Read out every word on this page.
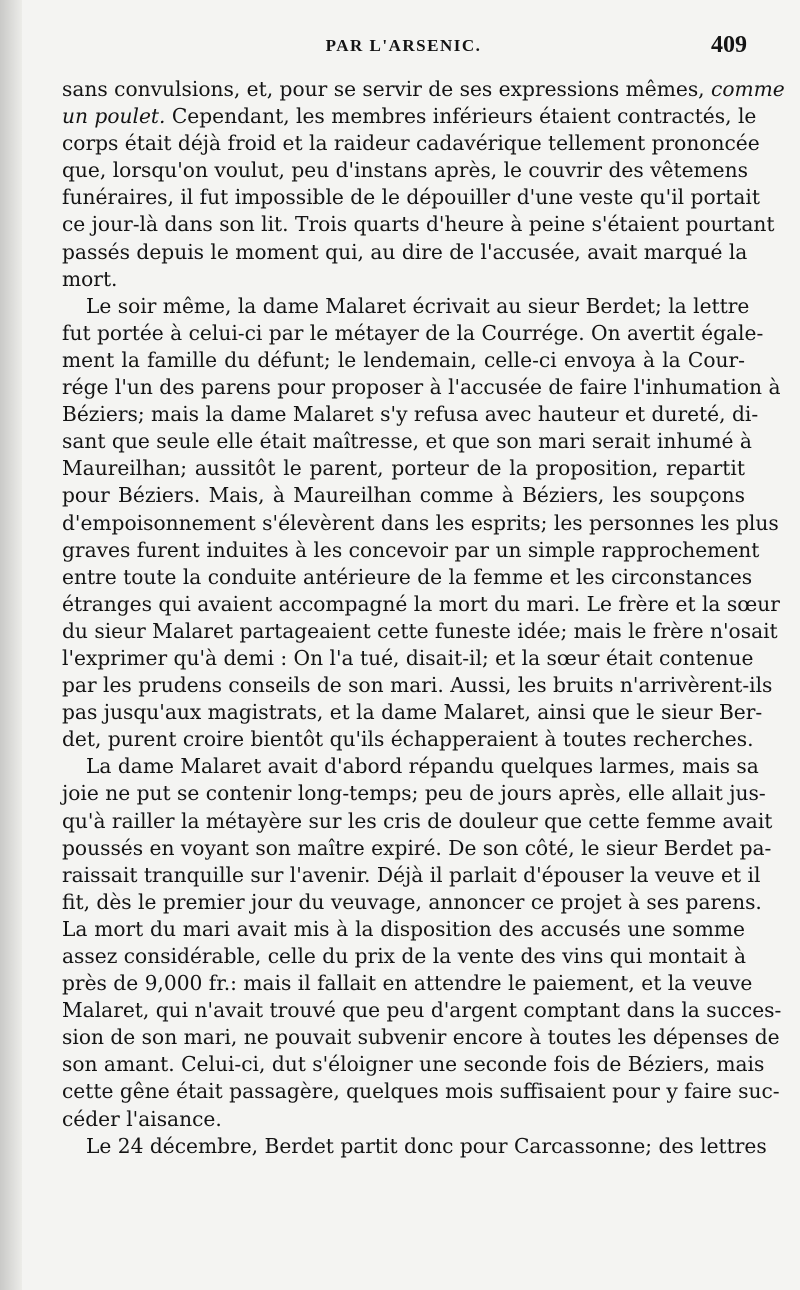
PAR L'ARSENIC.	409
sans convulsions, et, pour se servir de ses expressions mêmes, comme
un poulet. Cependant, les membres inférieurs étaient contractés, le
corps était déjà froid et la raideur cadavérique tellement prononcée
que, lorsqu'on voulut, peu d'instans après, le couvrir des vêtemens
funéraires, il fut impossible de le dépouiller d'une veste qu'il portait
ce jour-là dans son lit. Trois quarts d'heure à peine s'étaient pourtant
passés depuis le moment qui, au dire de l'accusée, avait marqué la
mort.
Le soir même, la dame Malaret écrivait au sieur Berdet; la lettre
fut portée à celui-ci par le métayer de la Courrége. On avertit égale-
ment la famille du défunt; le lendemain, celle-ci envoya à la Cour-
rége l'un des parens pour proposer à l'accusée de faire l'inhumation à
Béziers; mais la dame Malaret s'y refusa avec hauteur et dureté, di-
sant que seule elle était maîtresse, et que son mari serait inhumé à
Maureilhan; aussitôt le parent, porteur de la proposition, repartit
pour Béziers. Mais, à Maureilhan comme à Béziers, les soupçons
d'empoisonnement s'élevèrent dans les esprits; les personnes les plus
graves furent induites à les concevoir par un simple rapprochement
entre toute la conduite antérieure de la femme et les circonstances
étranges qui avaient accompagné la mort du mari. Le frère et la sœur
du sieur Malaret partageaient cette funeste idée; mais le frère n'osait
l'exprimer qu'à demi : On l'a tué, disait-il; et la sœur était contenue
par les prudens conseils de son mari. Aussi, les bruits n'arrivèrent-ils
pas jusqu'aux magistrats, et la dame Malaret, ainsi que le sieur Ber-
det, purent croire bientôt qu'ils échapperaient à toutes recherches.
La dame Malaret avait d'abord répandu quelques larmes, mais sa
joie ne put se contenir long-temps; peu de jours après, elle allait jus-
qu'à railler la métayère sur les cris de douleur que cette femme avait
poussés en voyant son maître expiré. De son côté, le sieur Berdet pa-
raissait tranquille sur l'avenir. Déjà il parlait d'épouser la veuve et il
fit, dès le premier jour du veuvage, annoncer ce projet à ses parens.
La mort du mari avait mis à la disposition des accusés une somme
assez considérable, celle du prix de la vente des vins qui montait à
près de 9,000 fr.: mais il fallait en attendre le paiement, et la veuve
Malaret, qui n'avait trouvé que peu d'argent comptant dans la succes-
sion de son mari, ne pouvait subvenir encore à toutes les dépenses de
son amant. Celui-ci, dut s'éloigner une seconde fois de Béziers, mais
cette gêne était passagère, quelques mois suffisaient pour y faire suc-
céder l'aisance.
Le 24 décembre, Berdet partit donc pour Carcassonne; des lettres
